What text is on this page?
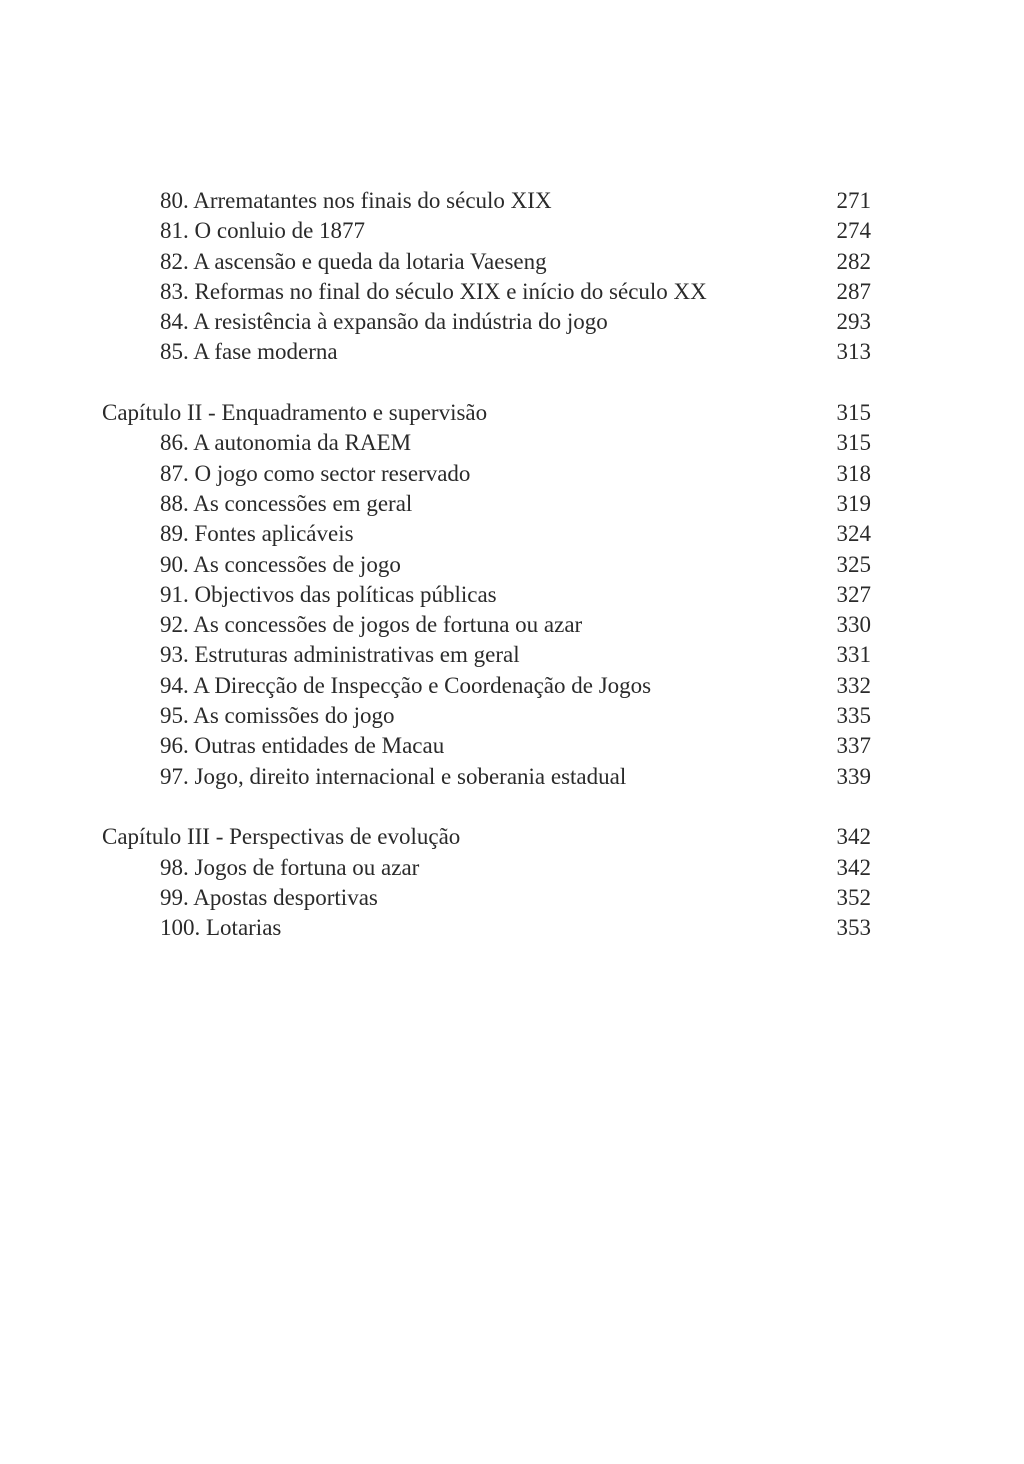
80. Arrematantes nos finais do século XIX	271
81. O conluio de 1877	274
82. A ascensão e queda da lotaria Vaeseng	282
83. Reformas no final do século XIX e início do século XX	287
84. A resistência à expansão da indústria do jogo	293
85. A fase moderna	313
Capítulo II - Enquadramento e supervisão	315
86. A autonomia da RAEM	315
87. O jogo como sector reservado	318
88. As concessões em geral	319
89. Fontes aplicáveis	324
90. As concessões de jogo	325
91. Objectivos das políticas públicas	327
92. As concessões de jogos de fortuna ou azar	330
93. Estruturas administrativas em geral	331
94. A Direcção de Inspecção e Coordenação de Jogos	332
95. As comissões do jogo	335
96. Outras entidades de Macau	337
97. Jogo, direito internacional e soberania estadual	339
Capítulo III - Perspectivas de evolução	342
98. Jogos de fortuna ou azar	342
99. Apostas desportivas	352
100. Lotarias	353
